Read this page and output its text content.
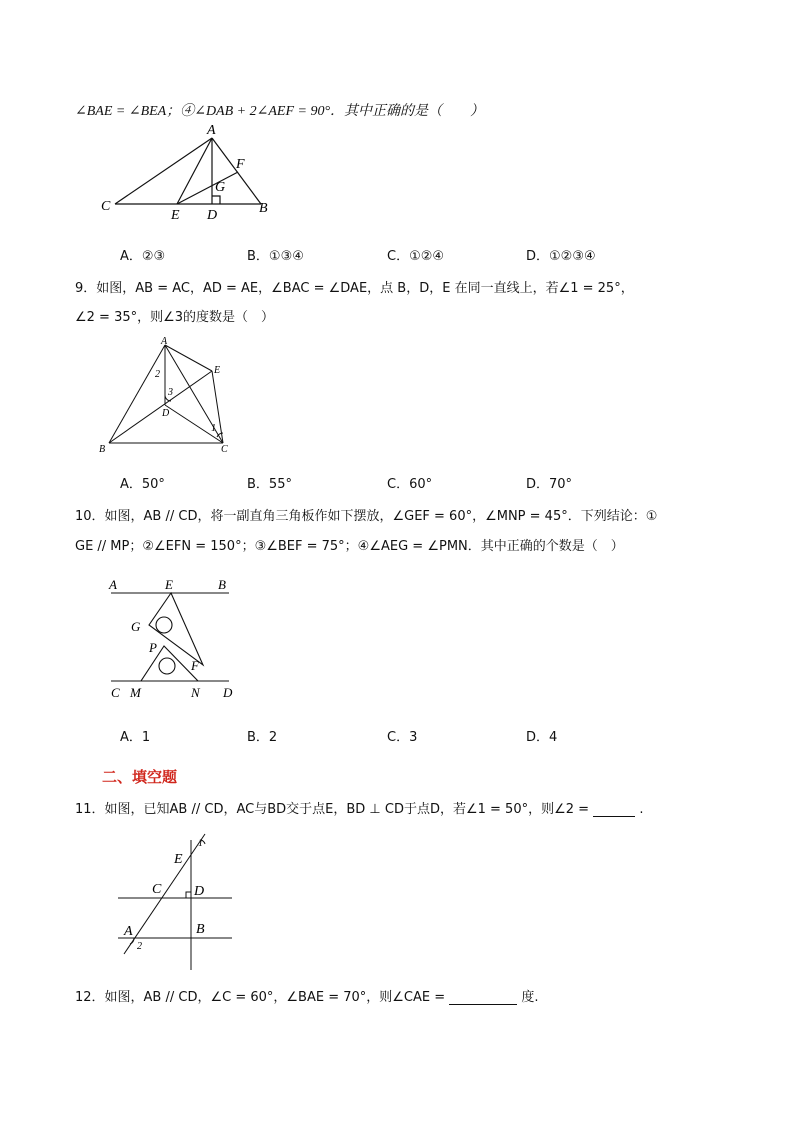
∠BAE = ∠BEA；④∠DAB + 2∠AEF = 90°．其中正确的是（　　）
A
F
G
C
E D	B
A．②③	B．①③④	C．①②④	D．①②③④
9．如图，AB = AC，AD = AE，∠BAC = ∠DAE，点 B，D，E 在同一直线上，若∠1 = 25°，
∠2 = 35°，则∠3的度数是（　）
A
E
2
3
D
1
B	C
A．50°	B．55°	C．60°	D．70°
10．如图，AB // CD，将一副直角三角板作如下摆放，∠GEF = 60°，∠MNP = 45°．下列结论：①
GE // MP；②∠EFN = 150°；③∠BEF = 75°；④∠AEG = ∠PMN．其中正确的个数是（　）
A	E	B
G
P
F
C M	N D
A．1	B．2	C．3	D．4
二、填空题
11．如图，已知AB // CD，AC与BD交于点E，BD ⊥ CD于点D，若∠1 = 50°，则∠2 =	.
1
E
C D
B
A
2
12．如图，AB // CD，∠C = 60°，∠BAE = 70°，则∠CAE =	度.
